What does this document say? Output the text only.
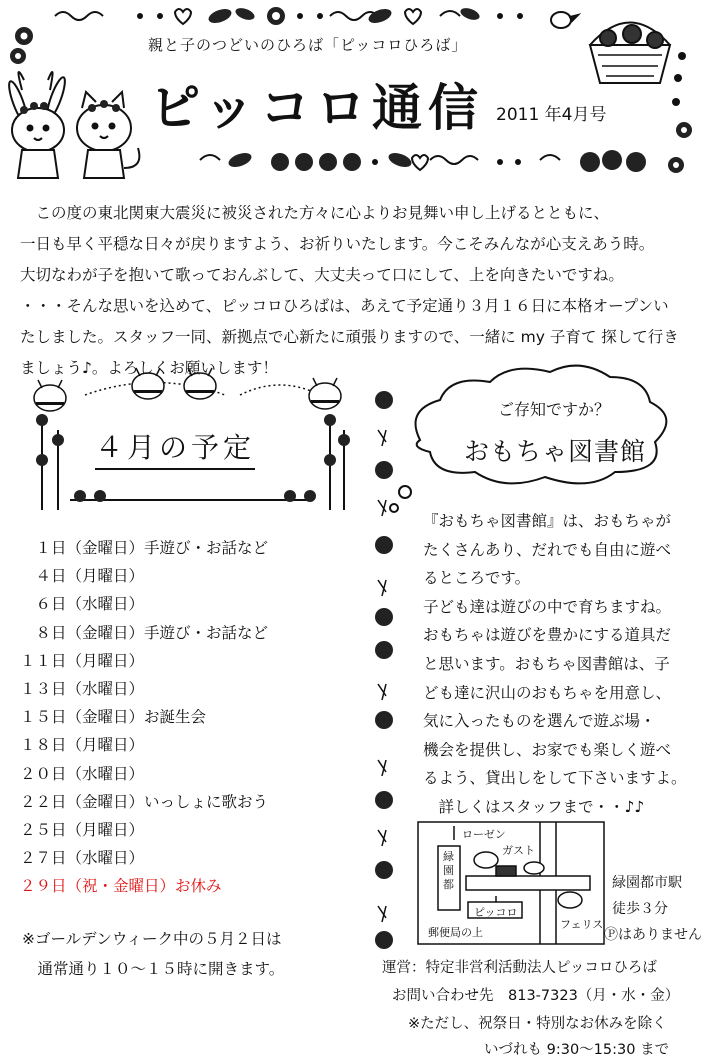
親と子のつどいのひろば「ピッコロひろば」
ピッコロ通信 2011 年4月号

　この度の東北関東大震災に被災された方々に心よりお見舞い申し上げるとともに、

一日も早く平穏な日々が戻りますよう、お祈りいたします。今こそみんなが心支えあう時。

大切なわが子を抱いて歌っておんぶして、大丈夫って口にして、上を向きたいですね。

・・・そんな思いを込めて、ピッコロひろばは、あえて予定通り３月１６日に本格オープンい

たしました。スタッフ一同、新拠点で心新たに頑張りますので、一緒に my 子育て 探して行き

ましょう♪。よろしくお願いします！

４月の予定
　１日（金曜日）手遊び・お話など
　４日（月曜日）
　６日（水曜日）
　８日（金曜日）手遊び・お話など
１１日（月曜日）
１３日（水曜日）
１５日（金曜日）お誕生会
１８日（月曜日）
２０日（水曜日）
２２日（金曜日）いっしょに歌おう
２５日（月曜日）
２７日（水曜日）
２９日（祝・金曜日）お休み
※ゴールデンウィーク中の５月２日は
　通常通り１０～１５時に開きます。
ご存知ですか？
おもちゃ図書館

『おもちゃ図書館』は、おもちゃが

たくさんあり、だれでも自由に遊べ

るところです。

子ども達は遊びの中で育ちますね。

おもちゃは遊びを豊かにする道具だ

と思います。おもちゃ図書館は、子

ども達に沢山のおもちゃを用意し、

気に入ったものを選んで遊ぶ場・

機会を提供し、お家でも楽しく遊べ

るよう、貸出しをして下さいますよ。

　詳しくはスタッフまで・・♪♪

ローゼン
ガスト
緑園都
ピッコロ
郵便局の上
フェリス
緑園都市駅
徒歩３分
Ⓟはありません
運営：特定非営利活動法人ピッコロひろば
お問い合わせ先　813-7323（月・水・金）
※ただし、祝祭日・特別なお休みを除く
いづれも 9:30～15:30 まで
